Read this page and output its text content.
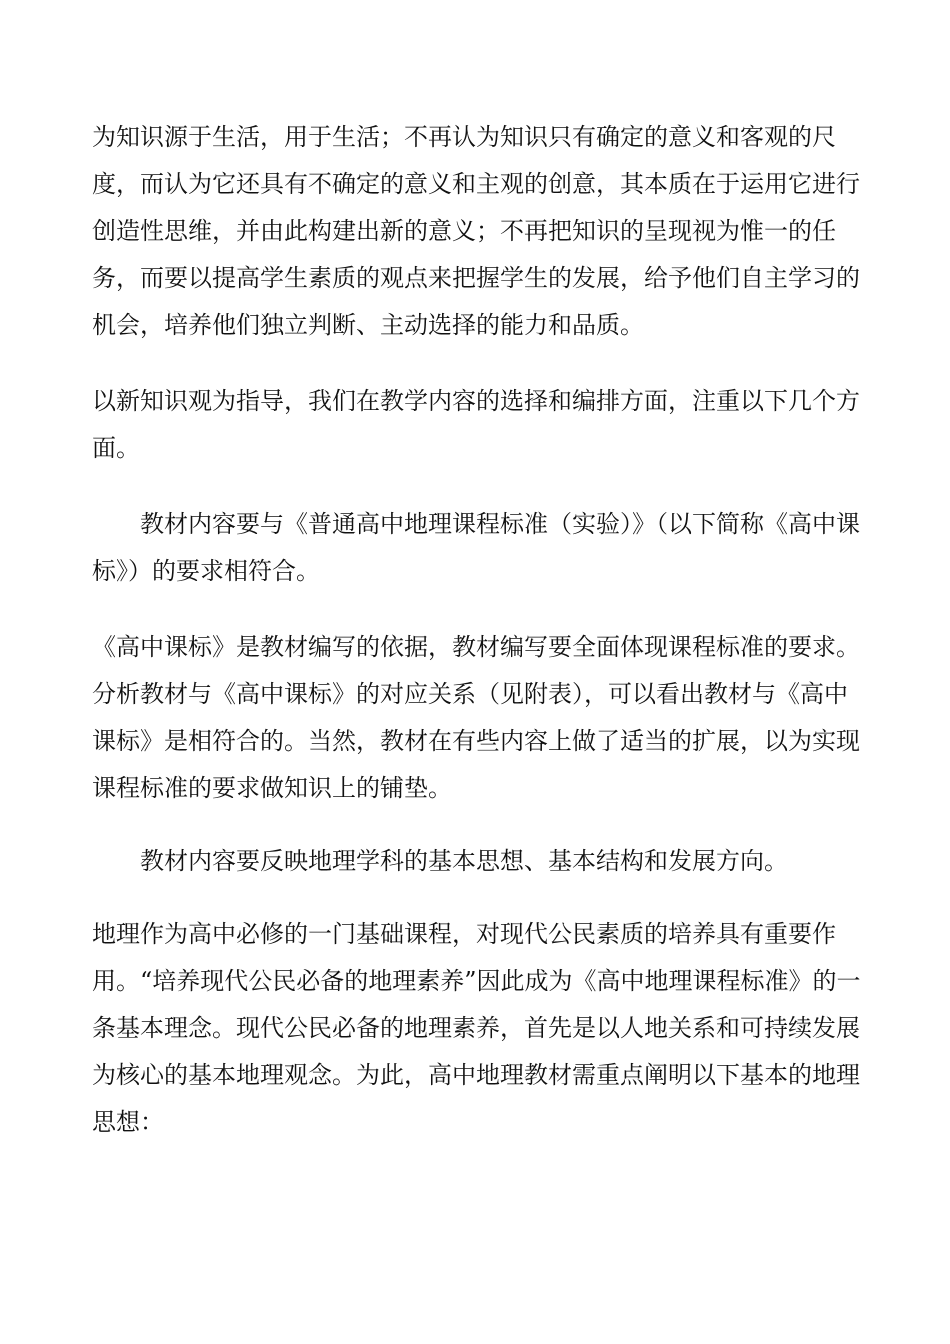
为知识源于生活，用于生活；不再认为知识只有确定的意义和客观的尺度，而认为它还具有不确定的意义和主观的创意，其本质在于运用它进行创造性思维，并由此构建出新的意义；不再把知识的呈现视为惟一的任务，而要以提高学生素质的观点来把握学生的发展，给予他们自主学习的机会，培养他们独立判断、主动选择的能力和品质。

以新知识观为指导，我们在教学内容的选择和编排方面，注重以下几个方面。

教材内容要与《普通高中地理课程标准（实验）》（以下简称《高中课标》）的要求相符合。

《高中课标》是教材编写的依据，教材编写要全面体现课程标准的要求。分析教材与《高中课标》的对应关系（见附表），可以看出教材与《高中课标》是相符合的。当然，教材在有些内容上做了适当的扩展，以为实现课程标准的要求做知识上的铺垫。

教材内容要反映地理学科的基本思想、基本结构和发展方向。

地理作为高中必修的一门基础课程，对现代公民素质的培养具有重要作用。“培养现代公民必备的地理素养”因此成为《高中地理课程标准》的一条基本理念。现代公民必备的地理素养，首先是以人地关系和可持续发展为核心的基本地理观念。为此，高中地理教材需重点阐明以下基本的地理思想：
